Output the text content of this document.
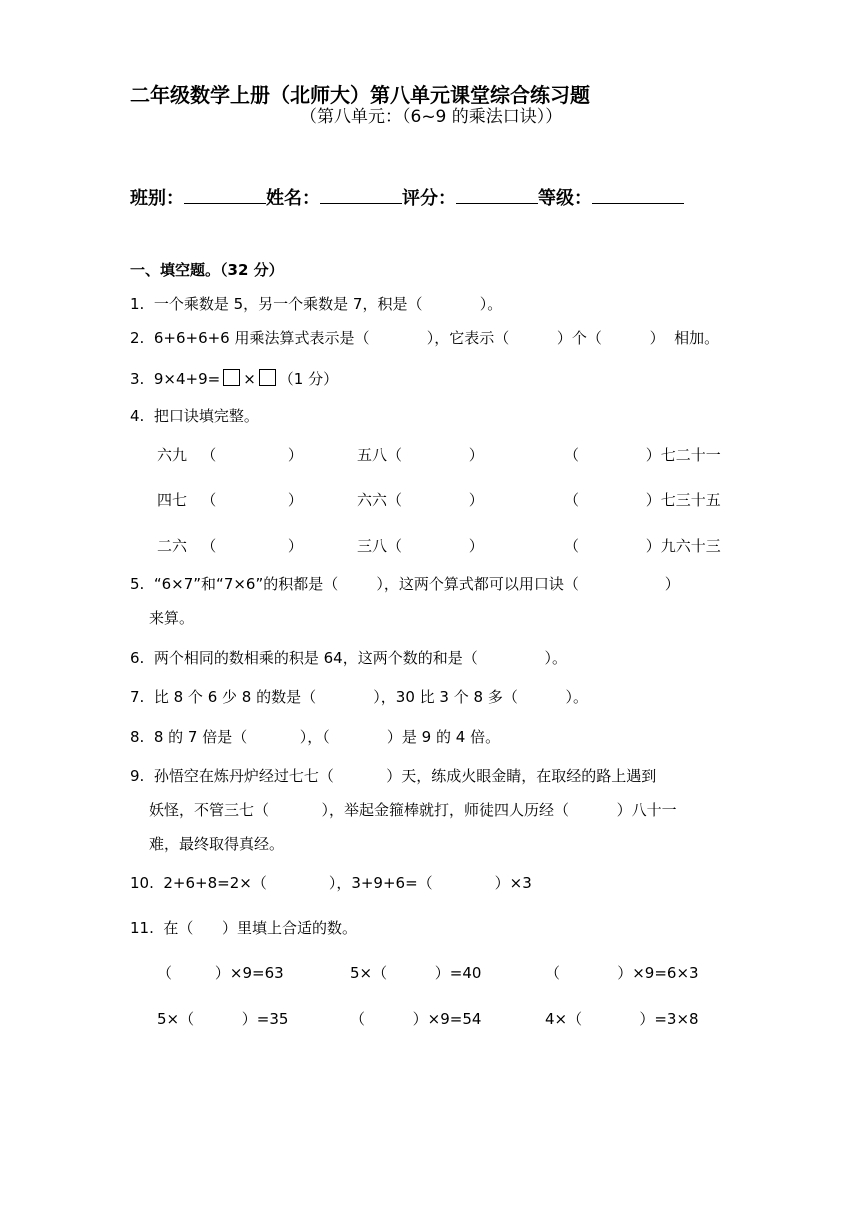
二年级数学上册（北师大）第八单元课堂综合练习题
（第八单元：（6~9 的乘法口诀））
班别：	姓名：	评分：	等级：
一、填空题。（32 分）
1.  一个乘数是 5，另一个乘数是 7，积是（            ）。
2.  6+6+6+6 用乘法算式表示是（            ），它表示（          ）个（          ）  相加。
3.  9×4+9= × （1 分）
4.  把口诀填完整。
六九   （               ）	五八（              ）	（              ）七二十一
四七   （               ）	六六（              ）	（              ）七三十五
二六   （               ）	三八（              ）	（              ）九六十三
5.  “6×7”和“7×6”的积都是（        ），这两个算式都可以用口诀（                  ）
来算。
6.  两个相同的数相乘的积是 64，这两个数的和是（              ）。
7.  比 8 个 6 少 8 的数是（            ），30 比 3 个 8 多（          ）。
8.  8 的 7 倍是（           ），（            ）是 9 的 4 倍。
9.  孙悟空在炼丹炉经过七七（           ）天，练成火眼金睛，在取经的路上遇到
妖怪，不管三七（           ），举起金箍棒就打，师徒四人历经（          ）八十一
难，最终取得真经。
10.  2+6+8=2×（             ），3+9+6=（             ）×3
11.  在（      ）里填上合适的数。
（         ）×9=63	5×（          ）=40	（            ）×9=6×3
5×（          ）=35	（          ）×9=54	4×（            ）=3×8
